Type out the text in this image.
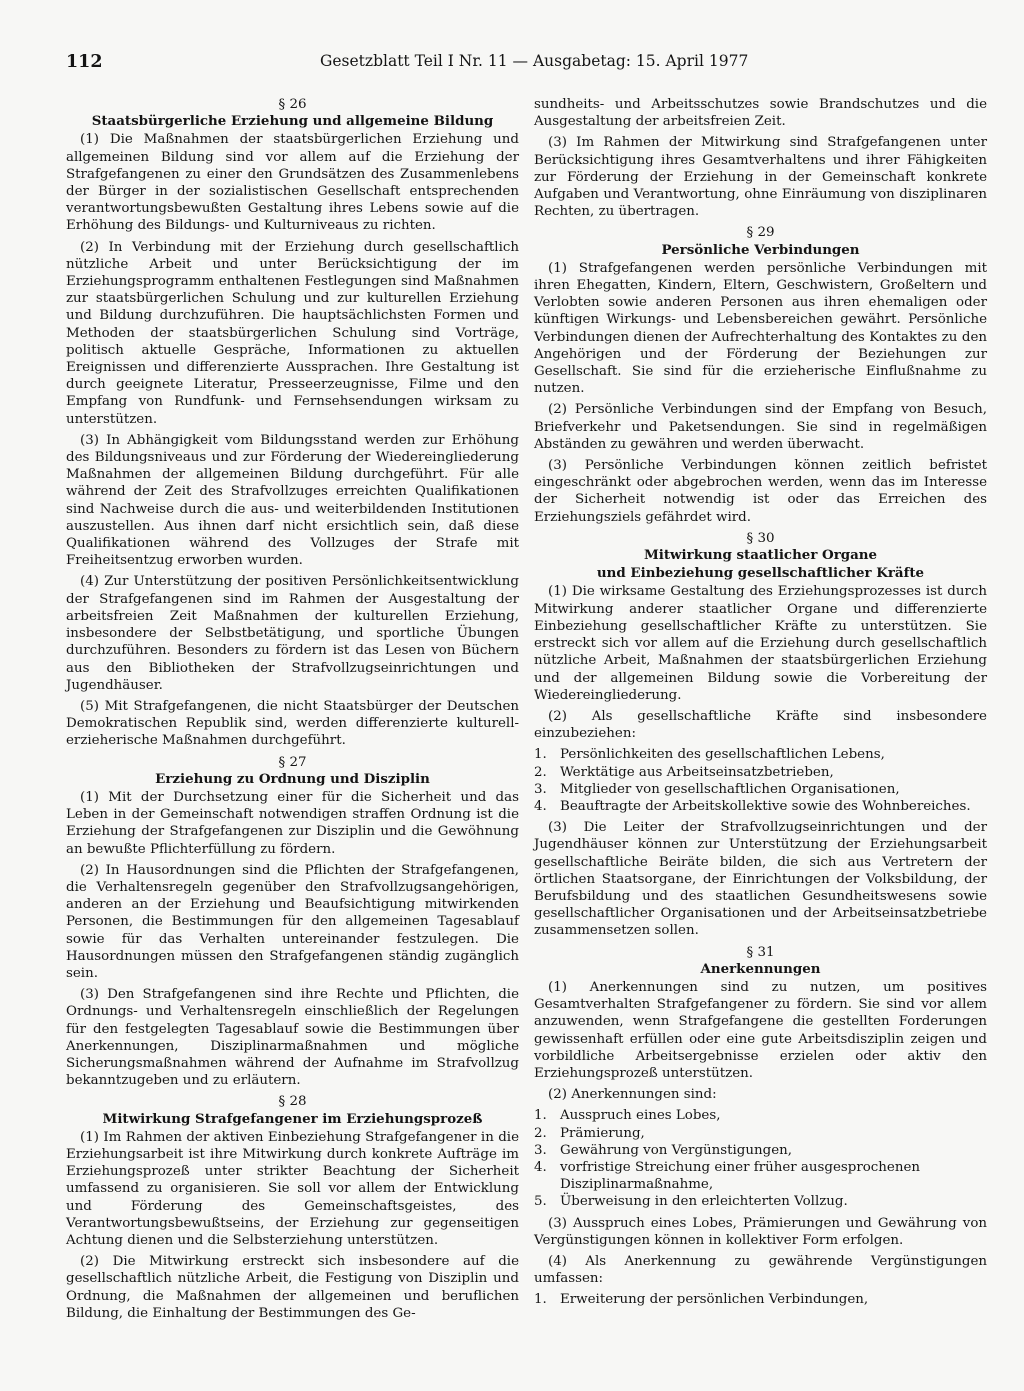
112	Gesetzblatt Teil I Nr. 11 — Ausgabetag: 15. April 1977
§ 26
Staatsbürgerliche Erziehung und allgemeine Bildung

(1) Die Maßnahmen der staatsbürgerlichen Erziehung und allgemeinen Bildung sind vor allem auf die Erziehung der Strafgefangenen zu einer den Grundsätzen des Zusammenlebens der Bürger in der sozialistischen Gesellschaft entsprechenden verantwortungsbewußten Gestaltung ihres Lebens sowie auf die Erhöhung des Bildungs- und Kulturniveaus zu richten.

(2) In Verbindung mit der Erziehung durch gesellschaftlich nützliche Arbeit und unter Berücksichtigung der im Erziehungsprogramm enthaltenen Festlegungen sind Maßnahmen zur staatsbürgerlichen Schulung und zur kulturellen Erziehung und Bildung durchzuführen. Die hauptsächlichsten Formen und Methoden der staatsbürgerlichen Schulung sind Vorträge, politisch aktuelle Gespräche, Informationen zu aktuellen Ereignissen und differenzierte Aussprachen. Ihre Gestaltung ist durch geeignete Literatur, Presseerzeugnisse, Filme und den Empfang von Rundfunk- und Fernsehsendungen wirksam zu unterstützen.

(3) In Abhängigkeit vom Bildungsstand werden zur Erhöhung des Bildungsniveaus und zur Förderung der Wiedereingliederung Maßnahmen der allgemeinen Bildung durchgeführt. Für alle während der Zeit des Strafvollzuges erreichten Qualifikationen sind Nachweise durch die aus- und weiterbildenden Institutionen auszustellen. Aus ihnen darf nicht ersichtlich sein, daß diese Qualifikationen während des Vollzuges der Strafe mit Freiheitsentzug erworben wurden.

(4) Zur Unterstützung der positiven Persönlichkeitsentwicklung der Strafgefangenen sind im Rahmen der Ausgestaltung der arbeitsfreien Zeit Maßnahmen der kulturellen Erziehung, insbesondere der Selbstbetätigung, und sportliche Übungen durchzuführen. Besonders zu fördern ist das Lesen von Büchern aus den Bibliotheken der Strafvollzugseinrichtungen und Jugendhäuser.

(5) Mit Strafgefangenen, die nicht Staatsbürger der Deutschen Demokratischen Republik sind, werden differenzierte kulturell-erzieherische Maßnahmen durchgeführt.

§ 27
Erziehung zu Ordnung und Disziplin

(1) Mit der Durchsetzung einer für die Sicherheit und das Leben in der Gemeinschaft notwendigen straffen Ordnung ist die Erziehung der Strafgefangenen zur Disziplin und die Gewöhnung an bewußte Pflichterfüllung zu fördern.

(2) In Hausordnungen sind die Pflichten der Strafgefangenen, die Verhaltensregeln gegenüber den Strafvollzugsangehörigen, anderen an der Erziehung und Beaufsichtigung mitwirkenden Personen, die Bestimmungen für den allgemeinen Tagesablauf sowie für das Verhalten untereinander festzulegen. Die Hausordnungen müssen den Strafgefangenen ständig zugänglich sein.

(3) Den Strafgefangenen sind ihre Rechte und Pflichten, die Ordnungs- und Verhaltensregeln einschließlich der Regelungen für den festgelegten Tagesablauf sowie die Bestimmungen über Anerkennungen, Disziplinarmaßnahmen und mögliche Sicherungsmaßnahmen während der Aufnahme im Strafvollzug bekanntzugeben und zu erläutern.

§ 28
Mitwirkung Strafgefangener im Erziehungsprozeß

(1) Im Rahmen der aktiven Einbeziehung Strafgefangener in die Erziehungsarbeit ist ihre Mitwirkung durch konkrete Aufträge im Erziehungsprozeß unter strikter Beachtung der Sicherheit umfassend zu organisieren. Sie soll vor allem der Entwicklung und Förderung des Gemeinschaftsgeistes, des Verantwortungsbewußtseins, der Erziehung zur gegenseitigen Achtung dienen und die Selbsterziehung unterstützen.

(2) Die Mitwirkung erstreckt sich insbesondere auf die gesellschaftlich nützliche Arbeit, die Festigung von Disziplin und Ordnung, die Maßnahmen der allgemeinen und beruflichen Bildung, die Einhaltung der Bestimmungen des Ge-

sundheits- und Arbeitsschutzes sowie Brandschutzes und die Ausgestaltung der arbeitsfreien Zeit.

(3) Im Rahmen der Mitwirkung sind Strafgefangenen unter Berücksichtigung ihres Gesamtverhaltens und ihrer Fähigkeiten zur Förderung der Erziehung in der Gemeinschaft konkrete Aufgaben und Verantwortung, ohne Einräumung von disziplinaren Rechten, zu übertragen.

§ 29
Persönliche Verbindungen

(1) Strafgefangenen werden persönliche Verbindungen mit ihren Ehegatten, Kindern, Eltern, Geschwistern, Großeltern und Verlobten sowie anderen Personen aus ihren ehemaligen oder künftigen Wirkungs- und Lebensbereichen gewährt. Persönliche Verbindungen dienen der Aufrechterhaltung des Kontaktes zu den Angehörigen und der Förderung der Beziehungen zur Gesellschaft. Sie sind für die erzieherische Einflußnahme zu nutzen.

(2) Persönliche Verbindungen sind der Empfang von Besuch, Briefverkehr und Paketsendungen. Sie sind in regelmäßigen Abständen zu gewähren und werden überwacht.

(3) Persönliche Verbindungen können zeitlich befristet eingeschränkt oder abgebrochen werden, wenn das im Interesse der Sicherheit notwendig ist oder das Erreichen des Erziehungsziels gefährdet wird.

§ 30
Mitwirkung staatlicher Organe
und Einbeziehung gesellschaftlicher Kräfte

(1) Die wirksame Gestaltung des Erziehungsprozesses ist durch Mitwirkung anderer staatlicher Organe und differenzierte Einbeziehung gesellschaftlicher Kräfte zu unterstützen. Sie erstreckt sich vor allem auf die Erziehung durch gesellschaftlich nützliche Arbeit, Maßnahmen der staatsbürgerlichen Erziehung und der allgemeinen Bildung sowie die Vorbereitung der Wiedereingliederung.

(2) Als gesellschaftliche Kräfte sind insbesondere einzubeziehen:

1. Persönlichkeiten des gesellschaftlichen Lebens,
2. Werktätige aus Arbeitseinsatzbetrieben,
3. Mitglieder von gesellschaftlichen Organisationen,
4. Beauftragte der Arbeitskollektive sowie des Wohnbereiches.

(3) Die Leiter der Strafvollzugseinrichtungen und der Jugendhäuser können zur Unterstützung der Erziehungsarbeit gesellschaftliche Beiräte bilden, die sich aus Vertretern der örtlichen Staatsorgane, der Einrichtungen der Volksbildung, der Berufsbildung und des staatlichen Gesundheitswesens sowie gesellschaftlicher Organisationen und der Arbeitseinsatzbetriebe zusammensetzen sollen.

§ 31
Anerkennungen

(1) Anerkennungen sind zu nutzen, um positives Gesamtverhalten Strafgefangener zu fördern. Sie sind vor allem anzuwenden, wenn Strafgefangene die gestellten Forderungen gewissenhaft erfüllen oder eine gute Arbeitsdisziplin zeigen und vorbildliche Arbeitsergebnisse erzielen oder aktiv den Erziehungsprozeß unterstützen.

(2) Anerkennungen sind:

1. Ausspruch eines Lobes,
2. Prämierung,
3. Gewährung von Vergünstigungen,
4. vorfristige Streichung einer früher ausgesprochenen Disziplinarmaßnahme,
5. Überweisung in den erleichterten Vollzug.

(3) Ausspruch eines Lobes, Prämierungen und Gewährung von Vergünstigungen können in kollektiver Form erfolgen.

(4) Als Anerkennung zu gewährende Vergünstigungen umfassen:

1. Erweiterung der persönlichen Verbindungen,
